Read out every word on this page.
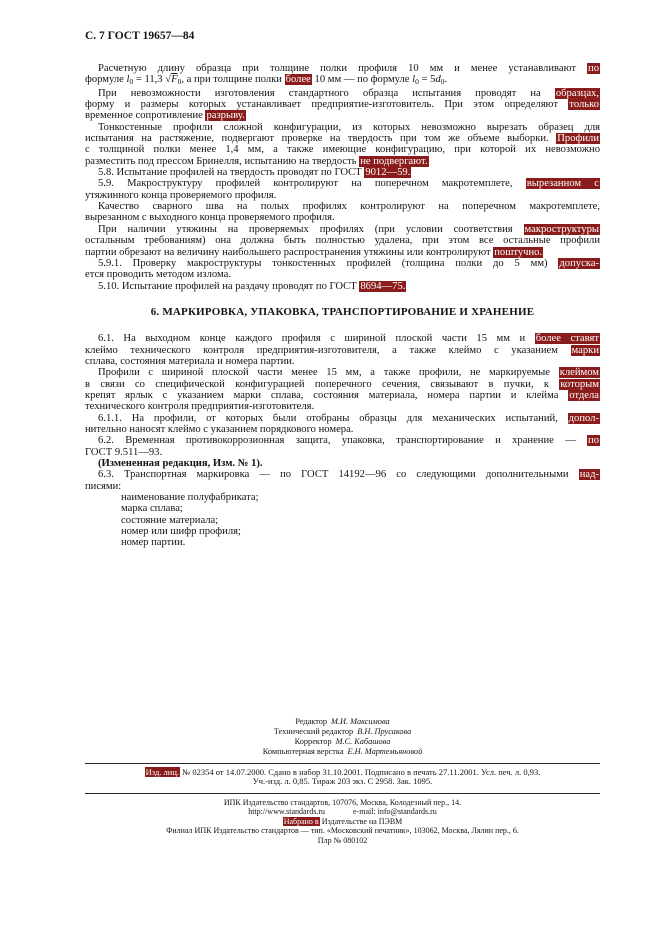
С. 7 ГОСТ 19657—84
Расчетную длину образца при толщине полки профиля 10 мм и менее устанавливают по
формуле l0 = 11,3 √F0, а при толщине полки более 10 мм — по формуле l0 = 5d0.
При невозможности изготовления стандартного образца испытания проводят на образцах,
форму и размеры которых устанавливает предприятие-изготовитель. При этом определяют только
временное сопротивление разрыву.
Тонкостенные профили сложной конфигурации, из которых невозможно вырезать образец для
испытания на растяжение, подвергают проверке на твердость при том же объеме выборки. Профили
с толщиной полки менее 1,4 мм, а также имеющие конфигурацию, при которой их невозможно
разместить под прессом Бринелля, испытанию на твердость не подвергают.
5.8. Испытание профилей на твердость проводят по ГОСТ 9012—59.
5.9. Макроструктуру профилей контролируют на поперечном макротемплете, вырезанном с
утяжинного конца проверяемого профиля.
Качество сварного шва на полых профилях контролируют на поперечном макротемплете,
вырезанном с выходного конца проверяемого профиля.
При наличии утяжины на проверяемых профилях (при условии соответствия макроструктуры
остальным требованиям) она должна быть полностью удалена, при этом все остальные профили
партии обрезают на величину наибольшего распространения утяжины или контролируют поштучно.
5.9.1. Проверку макроструктуры тонкостенных профилей (толщина полки до 5 мм) допуска-
ется проводить методом излома.
5.10. Испытание профилей на раздачу проводят по ГОСТ 8694—75.
6. МАРКИРОВКА, УПАКОВКА, ТРАНСПОРТИРОВАНИЕ И ХРАНЕНИЕ
6.1. На выходном конце каждого профиля с шириной плоской части 15 мм и более ставят
клеймо технического контроля предприятия-изготовителя, а также клеймо с указанием марки
сплава, состояния материала и номера партии.
Профили с шириной плоской части менее 15 мм, а также профили, не маркируемые клеймом
в связи со специфической конфигурацией поперечного сечения, связывают в пучки, к которым
крепят ярлык с указанием марки сплава, состояния материала, номера партии и клейма отдела
технического контроля предприятия-изготовителя.
6.1.1. На профили, от которых были отобраны образцы для механических испытаний, допол-
нительно наносят клеймо с указанием порядкового номера.
6.2. Временная противокоррозионная защита, упаковка, транспортирование и хранение — по
ГОСТ 9.511—93.
(Измененная редакция, Изм. № 1).
6.3. Транспортная маркировка — по ГОСТ 14192—96 со следующими дополнительными над-
писями:
наименование полуфабриката;
марка сплава;
состояние материала;
номер или шифр профиля;
номер партии.
Редактор М.И. Максимова
Технический редактор В.Н. Прусакова
Корректор М.С. Кабашова
Компьютерная верстка Е.Н. Мартемьяновой
Изд. лиц. № 02354 от 14.07.2000. Сдано в набор 31.10.2001. Подписано в печать 27.11.2001. Усл. печ. л. 0,93.
Уч.-изд. л. 0,85. Тираж 203 экз. С 2958. Зак. 1095.
ИПК Издательство стандартов, 107076, Москва, Колодезный пер., 14.
http://www.standards.ru	e-mail: info@standards.ru
Набрано в Издательстве на ПЭВМ
Филиал ИПК Издательство стандартов — тип. «Московский печатник», 103062, Москва, Лялин пер., 6.
Плр № 080102
